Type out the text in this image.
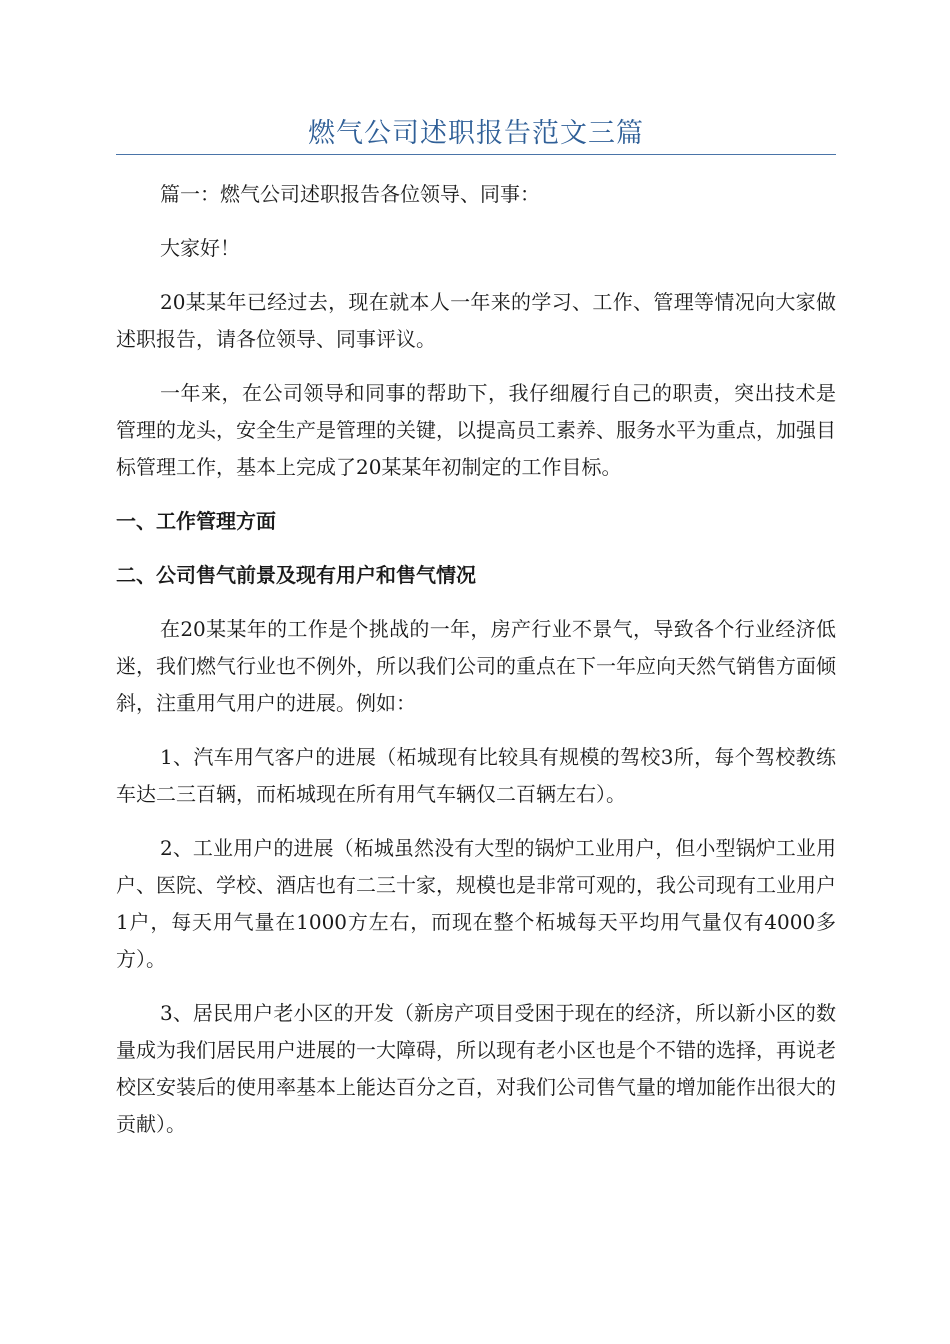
燃气公司述职报告范文三篇

篇一：燃气公司述职报告各位领导、同事：

大家好！

20某某年已经过去，现在就本人一年来的学习、工作、管理等情况向大家做述职报告，请各位领导、同事评议。

一年来，在公司领导和同事的帮助下，我仔细履行自己的职责，突出技术是管理的龙头，安全生产是管理的关键，以提高员工素养、服务水平为重点，加强目标管理工作，基本上完成了20某某年初制定的工作目标。

一、工作管理方面

二、公司售气前景及现有用户和售气情况

在20某某年的工作是个挑战的一年，房产行业不景气，导致各个行业经济低迷，我们燃气行业也不例外，所以我们公司的重点在下一年应向天然气销售方面倾斜，注重用气用户的进展。例如：

1、汽车用气客户的进展（柘城现有比较具有规模的驾校3所，每个驾校教练车达二三百辆，而柘城现在所有用气车辆仅二百辆左右）。

2、工业用户的进展（柘城虽然没有大型的锅炉工业用户，但小型锅炉工业用户、医院、学校、酒店也有二三十家，规模也是非常可观的，我公司现有工业用户1户，每天用气量在1000方左右，而现在整个柘城每天平均用气量仅有4000多方）。

3、居民用户老小区的开发（新房产项目受困于现在的经济，所以新小区的数量成为我们居民用户进展的一大障碍，所以现有老小区也是个不错的选择，再说老校区安装后的使用率基本上能达百分之百，对我们公司售气量的增加能作出很大的贡献）。
